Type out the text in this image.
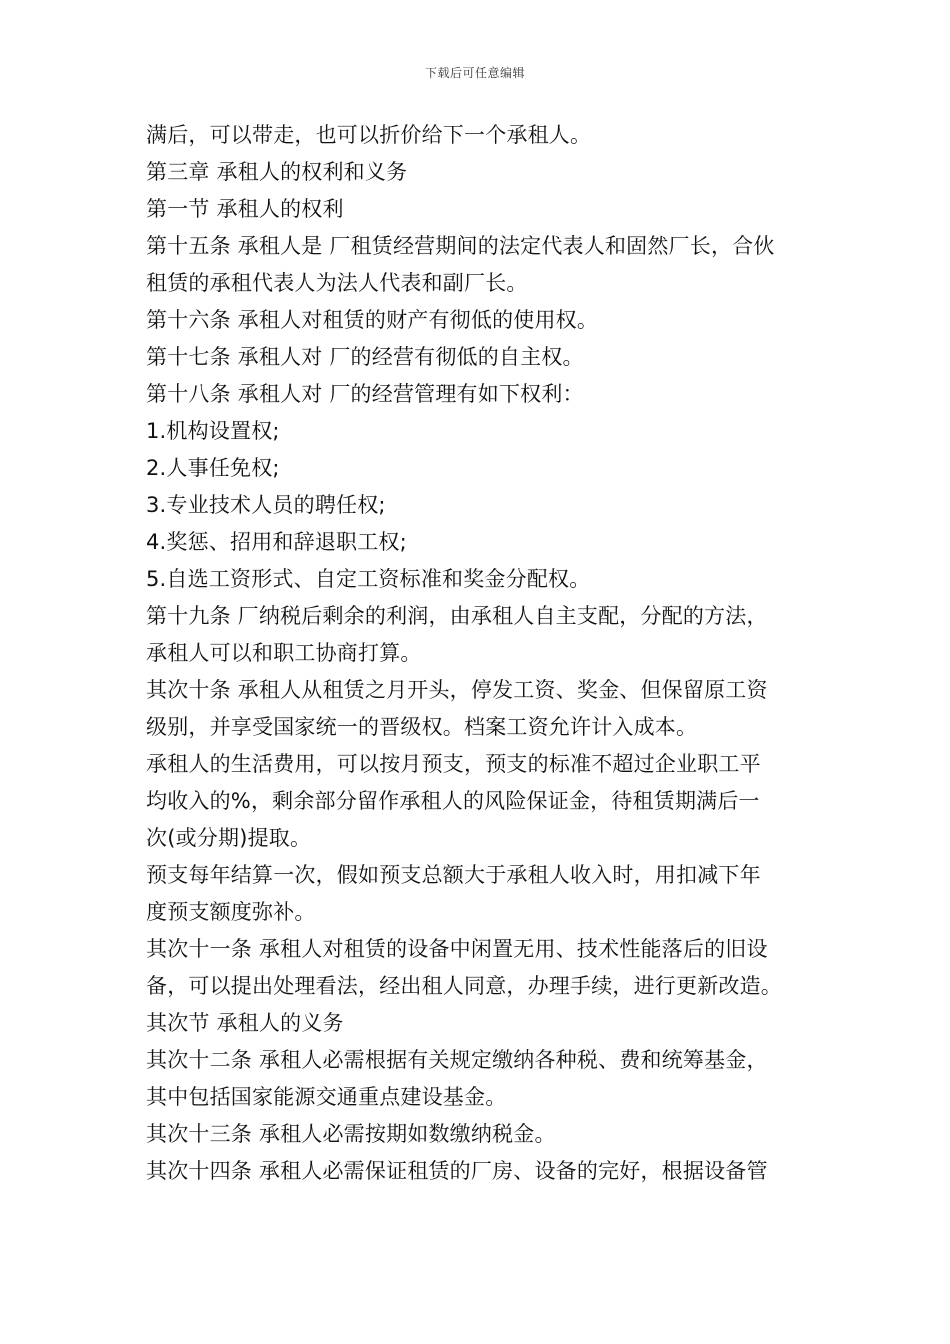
下载后可任意编辑
满后，可以带走，也可以折价给下一个承租人。
第三章 承租人的权利和义务
第一节 承租人的权利
第十五条 承租人是 厂租赁经营期间的法定代表人和固然厂长，合伙
租赁的承租代表人为法人代表和副厂长。
第十六条 承租人对租赁的财产有彻低的使用权。
第十七条 承租人对 厂的经营有彻低的自主权。
第十八条 承租人对 厂的经营管理有如下权利：
1.机构设置权;
2.人事任免权;
3.专业技术人员的聘任权;
4.奖惩、招用和辞退职工权;
5.自选工资形式、自定工资标准和奖金分配权。
第十九条 厂纳税后剩余的利润，由承租人自主支配，分配的方法，
承租人可以和职工协商打算。
其次十条 承租人从租赁之月开头，停发工资、奖金、但保留原工资
级别，并享受国家统一的晋级权。档案工资允许计入成本。
承租人的生活费用，可以按月预支，预支的标准不超过企业职工平
均收入的%，剩余部分留作承租人的风险保证金，待租赁期满后一
次(或分期)提取。
预支每年结算一次，假如预支总额大于承租人收入时，用扣减下年
度预支额度弥补。
其次十一条 承租人对租赁的设备中闲置无用、技术性能落后的旧设
备，可以提出处理看法，经出租人同意，办理手续，进行更新改造。
其次节 承租人的义务
其次十二条 承租人必需根据有关规定缴纳各种税、费和统筹基金，
其中包括国家能源交通重点建设基金。
其次十三条 承租人必需按期如数缴纳税金。
其次十四条 承租人必需保证租赁的厂房、设备的完好，根据设备管
